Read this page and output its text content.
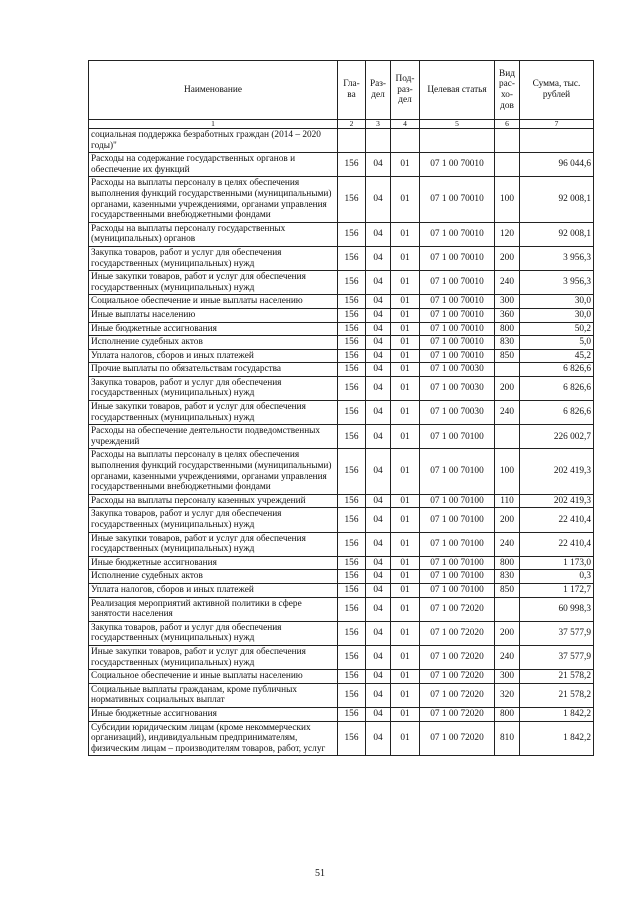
Наименование	Гла-ва	Раз-дел	Под-раз-дел	Целевая статья	Вид рас-хо-дов	Сумма, тыс. рублей
1	2	3	4	5	6	7
социальная поддержка безработных граждан (2014 – 2020 годы)"						
Расходы на содержание государственных органов и обеспечение их функций	156	04	01	07 1 00 70010		96 044,6
Расходы на выплаты персоналу в целях обеспечения выполнения функций государственными (муниципальными) органами, казенными учреждениями, органами управления государственными внебюджетными фондами	156	04	01	07 1 00 70010	100	92 008,1
Расходы на выплаты персоналу государственных (муниципальных) органов	156	04	01	07 1 00 70010	120	92 008,1
Закупка товаров, работ и услуг для обеспечения государственных (муниципальных) нужд	156	04	01	07 1 00 70010	200	3 956,3
Иные закупки товаров, работ и услуг для обеспечения государственных (муниципальных) нужд	156	04	01	07 1 00 70010	240	3 956,3
Социальное обеспечение и иные выплаты населению	156	04	01	07 1 00 70010	300	30,0
Иные выплаты населению	156	04	01	07 1 00 70010	360	30,0
Иные бюджетные ассигнования	156	04	01	07 1 00 70010	800	50,2
Исполнение судебных актов	156	04	01	07 1 00 70010	830	5,0
Уплата налогов, сборов и иных платежей	156	04	01	07 1 00 70010	850	45,2
Прочие выплаты по обязательствам государства	156	04	01	07 1 00 70030		6 826,6
Закупка товаров, работ и услуг для обеспечения государственных (муниципальных) нужд	156	04	01	07 1 00 70030	200	6 826,6
Иные закупки товаров, работ и услуг для обеспечения государственных (муниципальных) нужд	156	04	01	07 1 00 70030	240	6 826,6
Расходы на обеспечение деятельности подведомственных учреждений	156	04	01	07 1 00 70100		226 002,7
Расходы на выплаты персоналу в целях обеспечения выполнения функций государственными (муниципальными) органами, казенными учреждениями, органами управления государственными внебюджетными фондами	156	04	01	07 1 00 70100	100	202 419,3
Расходы на выплаты персоналу казенных учреждений	156	04	01	07 1 00 70100	110	202 419,3
Закупка товаров, работ и услуг для обеспечения государственных (муниципальных) нужд	156	04	01	07 1 00 70100	200	22 410,4
Иные закупки товаров, работ и услуг для обеспечения государственных (муниципальных) нужд	156	04	01	07 1 00 70100	240	22 410,4
Иные бюджетные ассигнования	156	04	01	07 1 00 70100	800	1 173,0
Исполнение судебных актов	156	04	01	07 1 00 70100	830	0,3
Уплата налогов, сборов и иных платежей	156	04	01	07 1 00 70100	850	1 172,7
Реализация мероприятий активной политики в сфере занятости населения	156	04	01	07 1 00 72020		60 998,3
Закупка товаров, работ и услуг для обеспечения государственных (муниципальных) нужд	156	04	01	07 1 00 72020	200	37 577,9
Иные закупки товаров, работ и услуг для обеспечения государственных (муниципальных) нужд	156	04	01	07 1 00 72020	240	37 577,9
Социальное обеспечение и иные выплаты населению	156	04	01	07 1 00 72020	300	21 578,2
Социальные выплаты гражданам, кроме публичных нормативных социальных выплат	156	04	01	07 1 00 72020	320	21 578,2
Иные бюджетные ассигнования	156	04	01	07 1 00 72020	800	1 842,2
Субсидии юридическим лицам (кроме некоммерческих организаций), индивидуальным предпринимателям, физическим лицам – производителям товаров, работ, услуг	156	04	01	07 1 00 72020	810	1 842,2
51
